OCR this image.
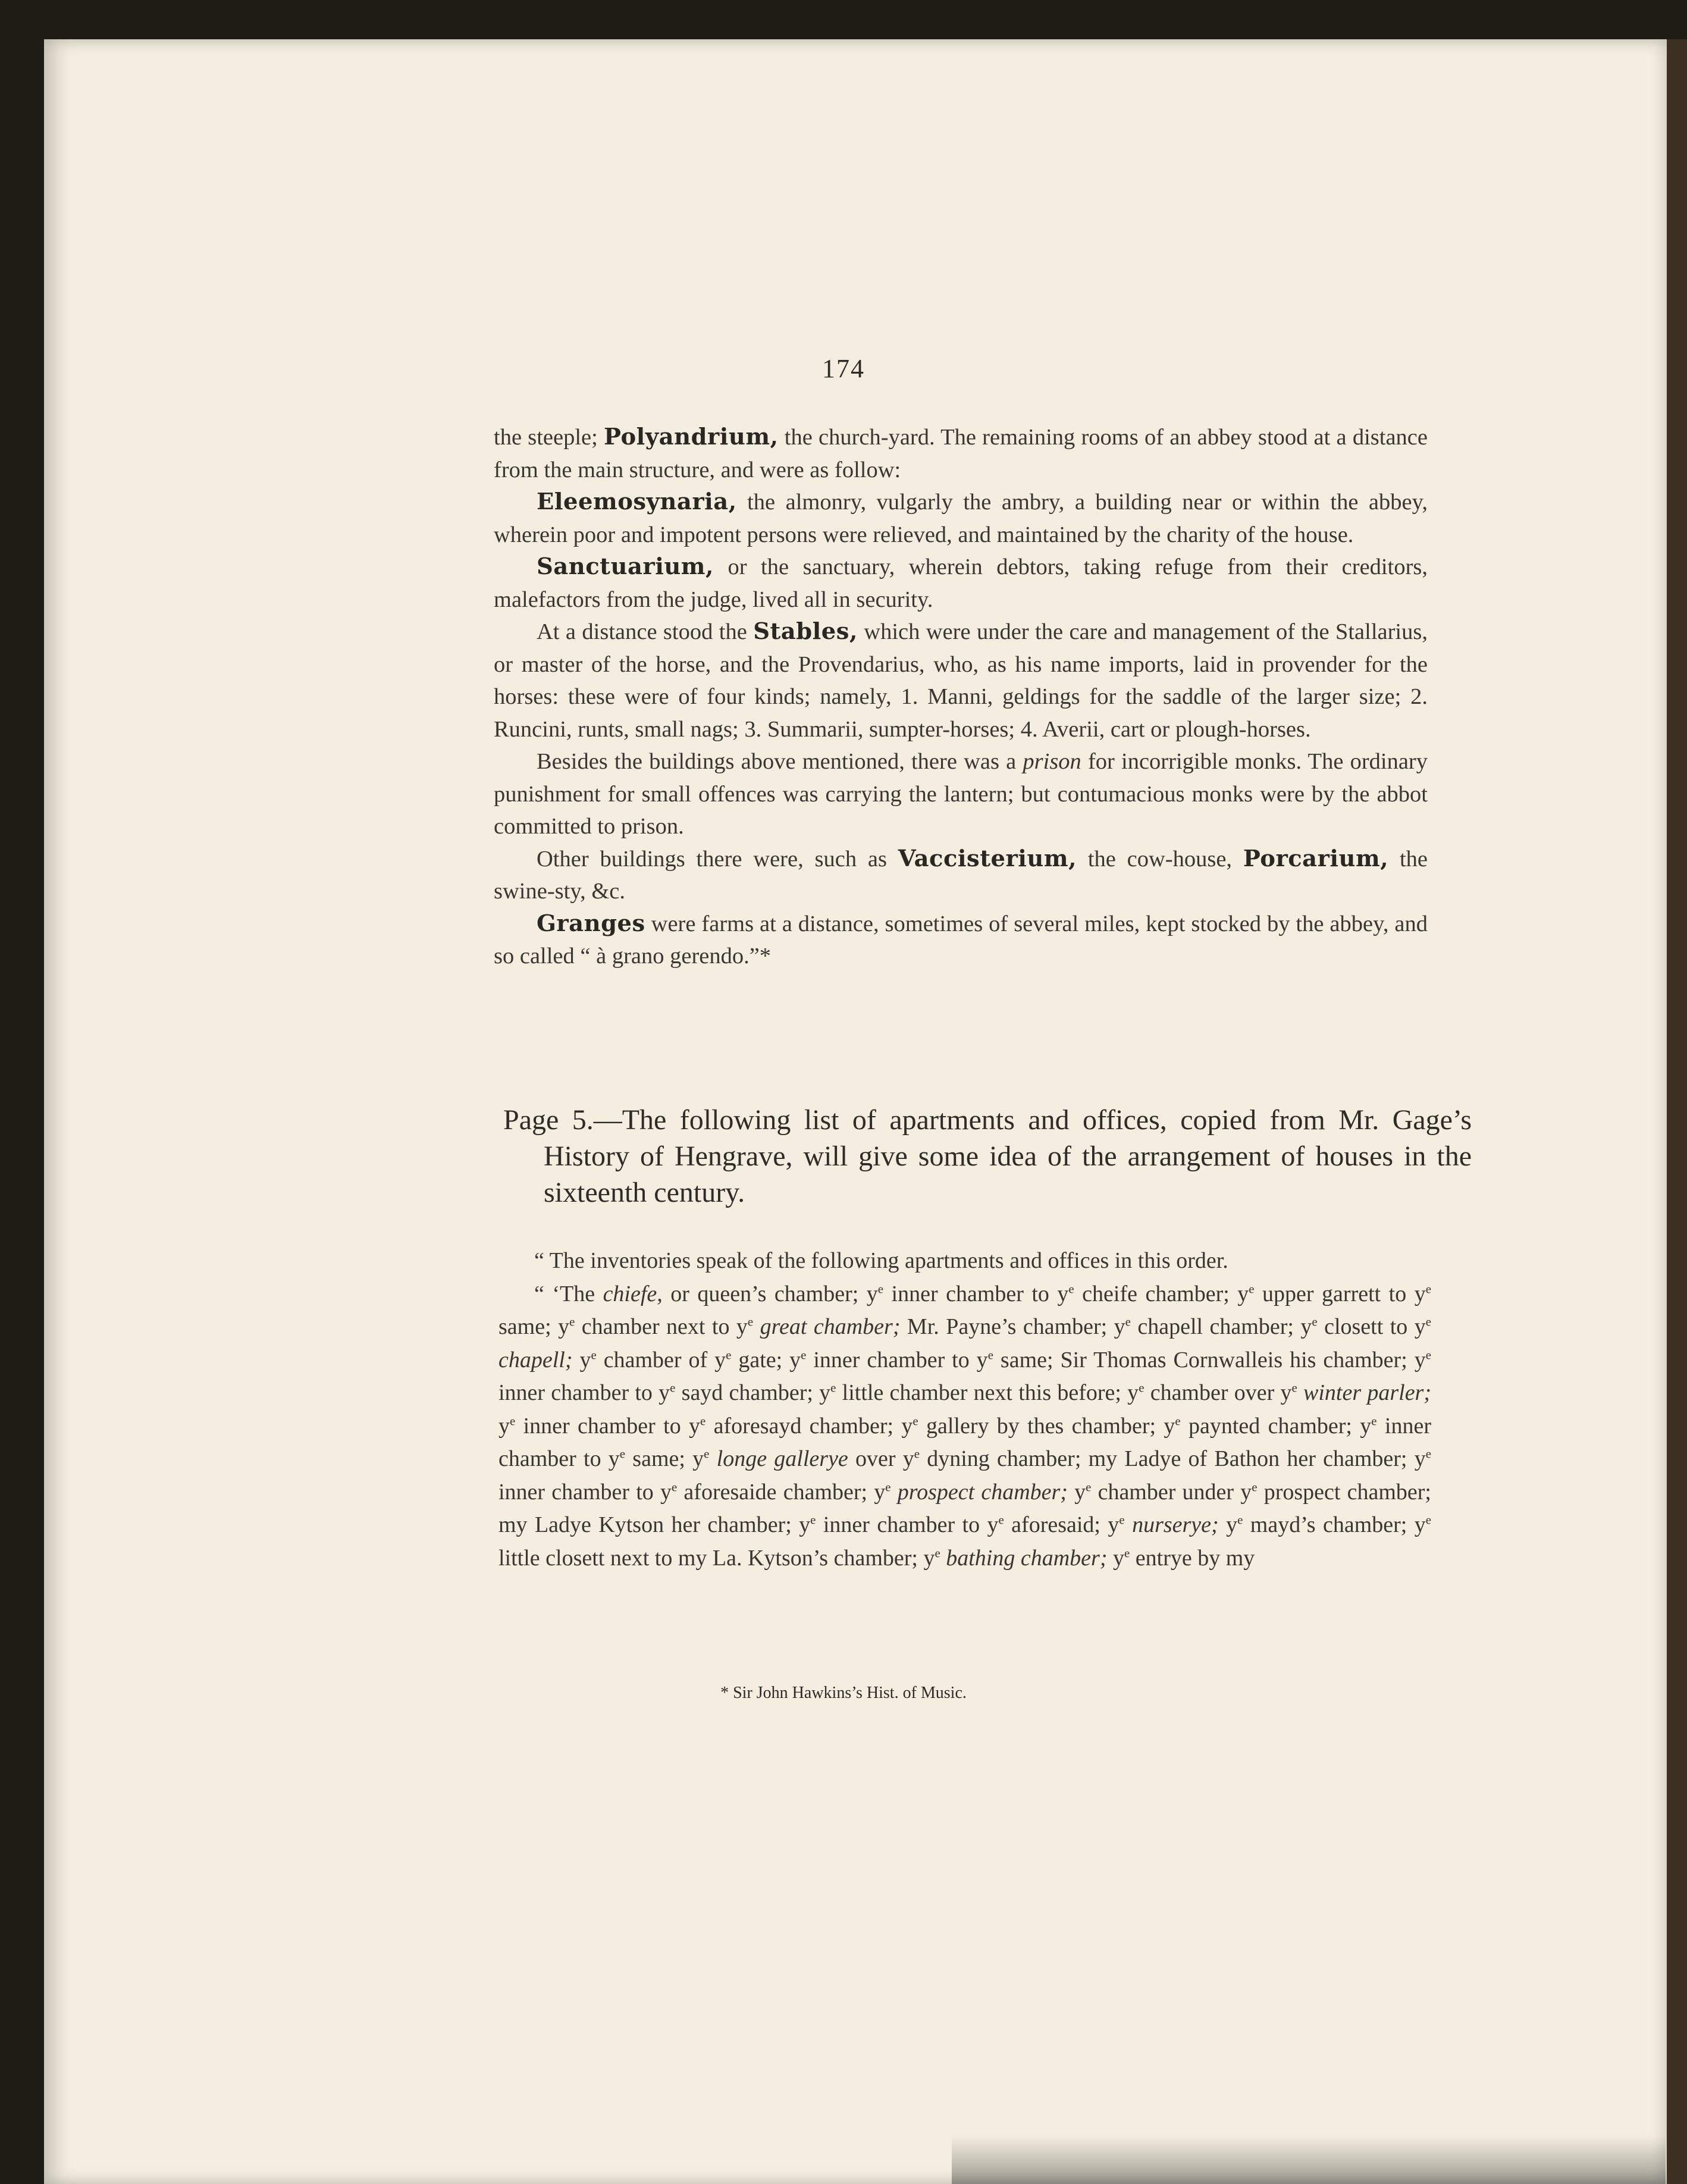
174

the steeple; Polyandrium, the church-yard. The remaining rooms of an abbey stood at a distance from the main structure, and were as follow:

Eleemosynaria, the almonry, vulgarly the ambry, a building near or within the abbey, wherein poor and impotent persons were relieved, and maintained by the charity of the house.

Sanctuarium, or the sanctuary, wherein debtors, taking refuge from their creditors, malefactors from the judge, lived all in security.

At a distance stood the Stables, which were under the care and management of the Stallarius, or master of the horse, and the Provendarius, who, as his name imports, laid in provender for the horses: these were of four kinds; namely, 1. Manni, geldings for the saddle of the larger size; 2. Runcini, runts, small nags; 3. Summarii, sumpter-horses; 4. Averii, cart or plough-horses.

Besides the buildings above mentioned, there was a prison for incorrigible monks. The ordinary punishment for small offences was carrying the lantern; but contumacious monks were by the abbot committed to prison.

Other buildings there were, such as Vaccisterium, the cow-house, Porcarium, the swine-sty, &c.

Granges were farms at a distance, sometimes of several miles, kept stocked by the abbey, and so called “ à grano gerendo.”*

Page 5.—The following list of apartments and offices, copied from Mr. Gage’s History of Hengrave, will give some idea of the arrangement of houses in the sixteenth century.

“ The inventories speak of the following apartments and offices in this order.

“ ‘The chiefe, or queen’s chamber; $y^e$ inner chamber to $y^e$ cheife chamber; $y^e$ upper garrett to $y^e$ same; $y^e$ chamber next to $y^e$ great chamber; Mr. Payne’s chamber; $y^e$ chapell chamber; $y^e$ closett to $y^e$ chapell; $y^e$ chamber of $y^e$ gate; $y^e$ inner chamber to $y^e$ same; Sir Thomas Cornwalleis his chamber; $y^e$ inner chamber to $y^e$ sayd chamber; $y^e$ little chamber next this before; $y^e$ chamber over $y^e$ winter parler; $y^e$ inner chamber to $y^e$ aforesayd chamber; $y^e$ gallery by thes chamber; $y^e$ paynted chamber; $y^e$ inner chamber to $y^e$ same; $y^e$ longe gallerye over $y^e$ dyning chamber; my Ladye of Bathon her chamber; $y^e$ inner chamber to $y^e$ aforesaide chamber; $y^e$ prospect chamber; $y^e$ chamber under $y^e$ prospect chamber; my Ladye Kytson her chamber; $y^e$ inner chamber to $y^e$ aforesaid; $y^e$ nurserye; $y^e$ mayd’s chamber; $y^e$ little closett next to my La. Kytson’s chamber; $y^e$ bathing chamber; $y^e$ entrye by my

* Sir John Hawkins’s Hist. of Music.
